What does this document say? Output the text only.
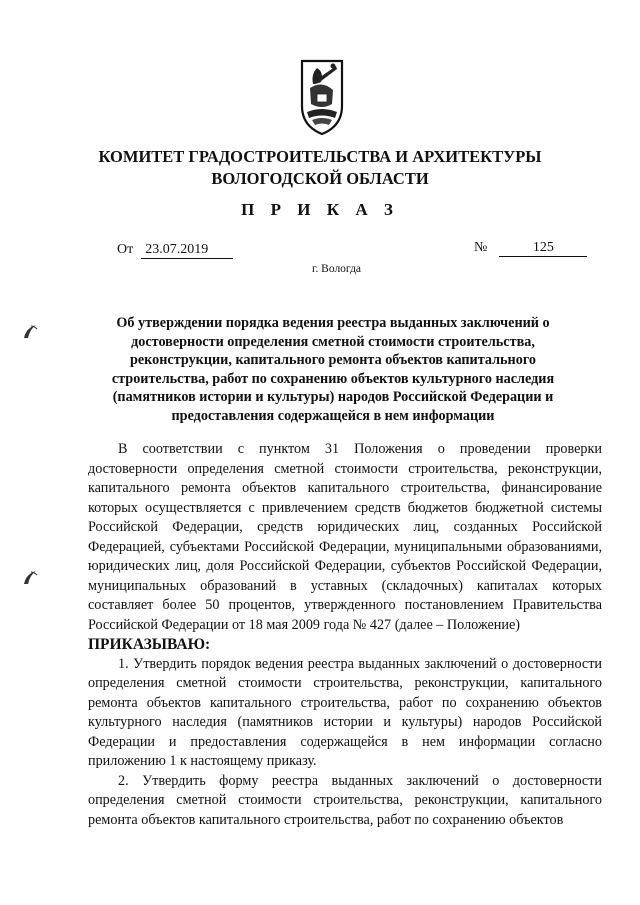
КОМИТЕТ ГРАДОСТРОИТЕЛЬСТВА И АРХИТЕКТУРЫ
ВОЛОГОДСКОЙ ОБЛАСТИ
П Р И К А З
От 23.07.2019	№	125
г. Вологда
Об утверждении порядка ведения реестра выданных заключений о достоверности определения сметной стоимости строительства, реконструкции, капитального ремонта объектов капитального строительства, работ по сохранению объектов культурного наследия (памятников истории и культуры) народов Российской Федерации и предоставления содержащейся в нем информации

В соответствии с пунктом 31 Положения о проведении проверки достоверности определения сметной стоимости строительства, реконструкции, капитального ремонта объектов капитального строительства, финансирование которых осуществляется с привлечением средств бюджетов бюджетной системы Российской Федерации, средств юридических лиц, созданных Российской Федерацией, субъектами Российской Федерации, муниципальными образованиями, юридических лиц, доля Российской Федерации, субъектов Российской Федерации, муниципальных образований в уставных (складочных) капиталах которых составляет более 50 процентов, утвержденного постановлением Правительства Российской Федерации от 18 мая 2009 года № 427 (далее – Положение)

ПРИКАЗЫВАЮ:

1. Утвердить порядок ведения реестра выданных заключений о достоверности определения сметной стоимости строительства, реконструкции, капитального ремонта объектов капитального строительства, работ по сохранению объектов культурного наследия (памятников истории и культуры) народов Российской Федерации и предоставления содержащейся в нем информации согласно приложению 1 к настоящему приказу.

2. Утвердить форму реестра выданных заключений о достоверности определения сметной стоимости строительства, реконструкции, капитального ремонта объектов капитального строительства, работ по сохранению объектов
